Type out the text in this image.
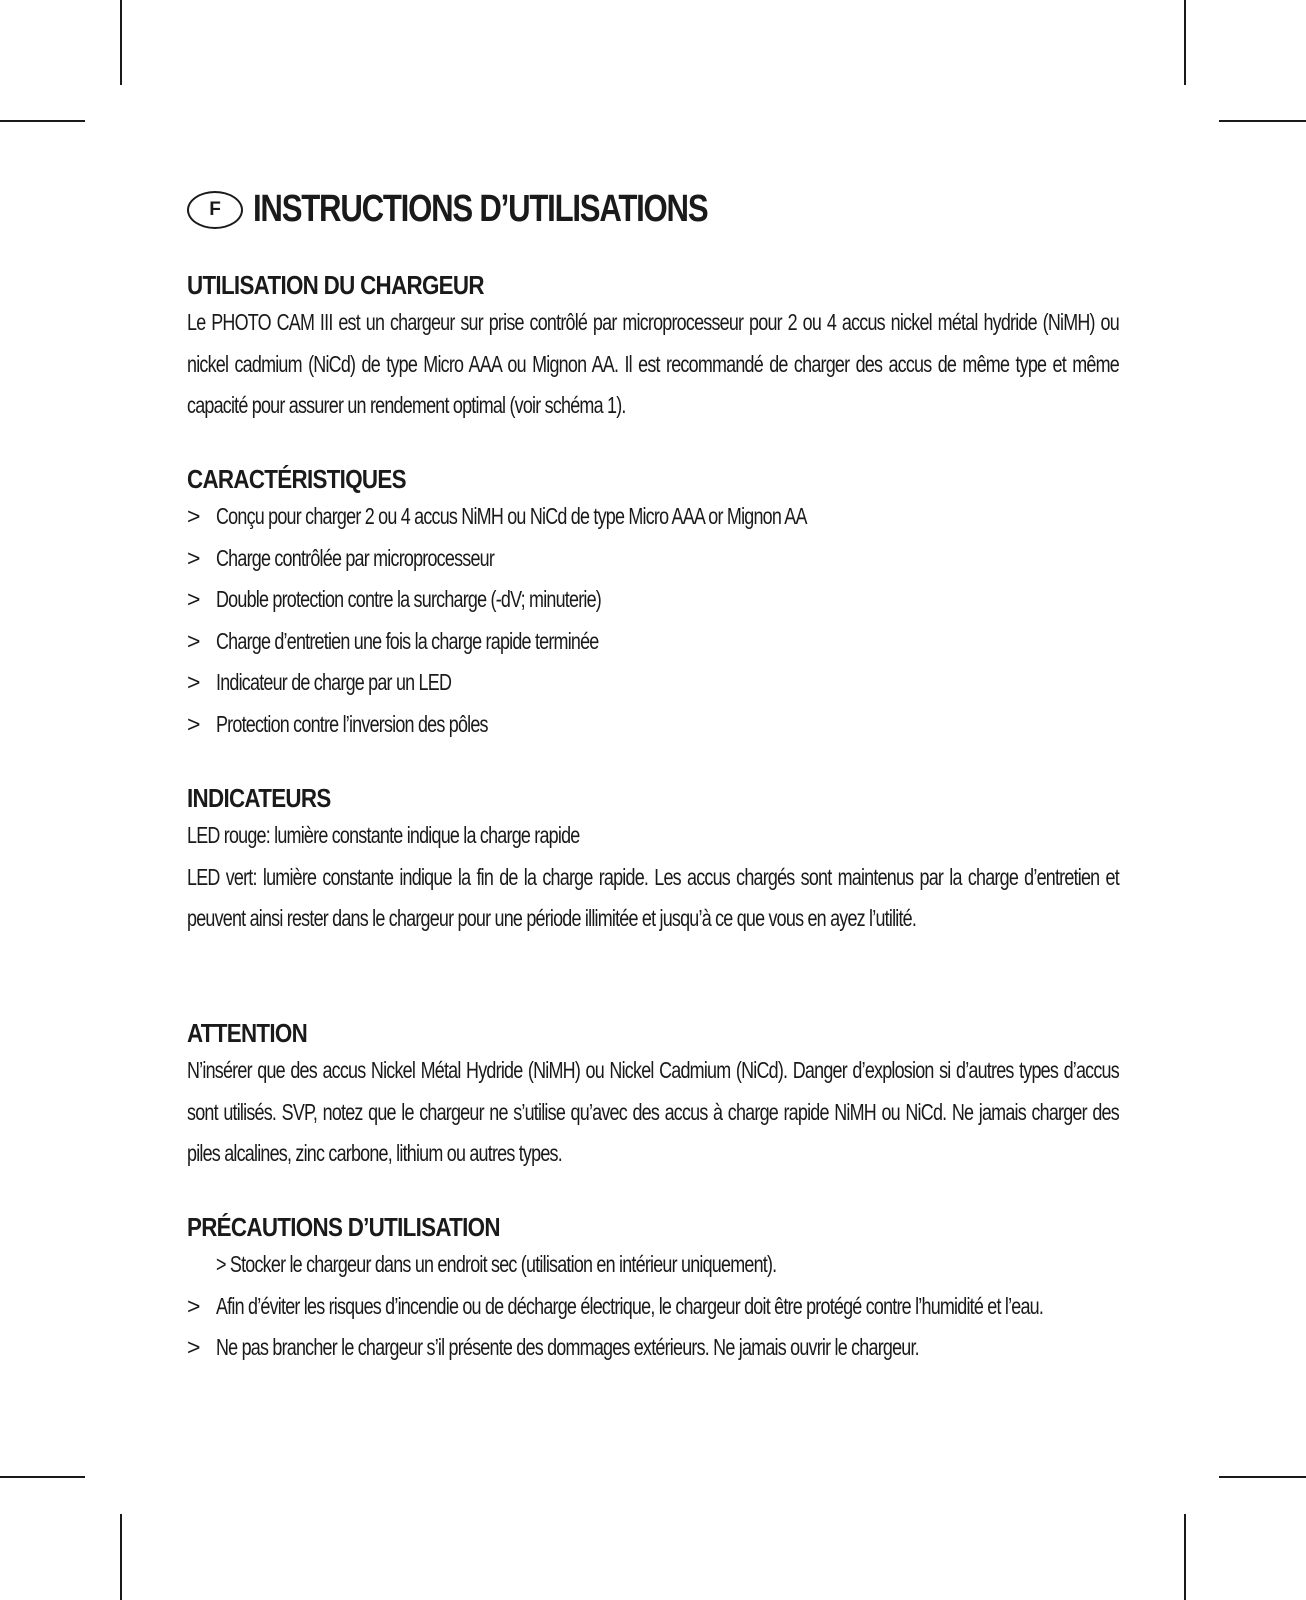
F INSTRUCTIONS D’UTILISATIONS
UTILISATION DU CHARGEUR

Le PHOTO CAM III est un chargeur sur prise contrôlé par microprocesseur pour 2 ou 4 accus nickel métal hydride (NiMH) ou nickel cadmium (NiCd) de type Micro AAA ou Mignon AA. Il est recommandé de charger des accus de même type et même capacité pour assurer un rendement optimal (voir schéma 1).

CARACTÉRISTIQUES
> Conçu pour charger 2 ou 4 accus NiMH ou NiCd de type Micro AAA or Mignon AA
> Charge contrôlée par microprocesseur
> Double protection contre la surcharge (-dV; minuterie)
> Charge d’entretien une fois la charge rapide terminée
> Indicateur de charge par un LED
> Protection contre l’inversion des pôles
INDICATEURS

LED rouge: lumière constante indique la charge rapide

LED vert: lumière constante indique la fin de la charge rapide. Les accus chargés sont maintenus par la charge d’entretien et peuvent ainsi rester dans le chargeur pour une période illimitée et jusqu’à ce que vous en ayez l’utilité.

ATTENTION

N’insérer que des accus Nickel Métal Hydride (NiMH) ou Nickel Cadmium (NiCd). Danger d’explosion si d’autres types d’accus sont utilisés. SVP, notez que le chargeur ne s’utilise qu’avec des accus à charge rapide NiMH ou NiCd. Ne jamais charger des piles alcalines, zinc carbone, lithium ou autres types.

PRÉCAUTIONS D’UTILISATION
> Stocker le chargeur dans un endroit sec (utilisation en intérieur uniquement).
> Afin d’éviter les risques d’incendie ou de décharge électrique, le chargeur doit être protégé contre l’humidité et l’eau.
> Ne pas brancher le chargeur s’il présente des dommages extérieurs. Ne jamais ouvrir le chargeur.
